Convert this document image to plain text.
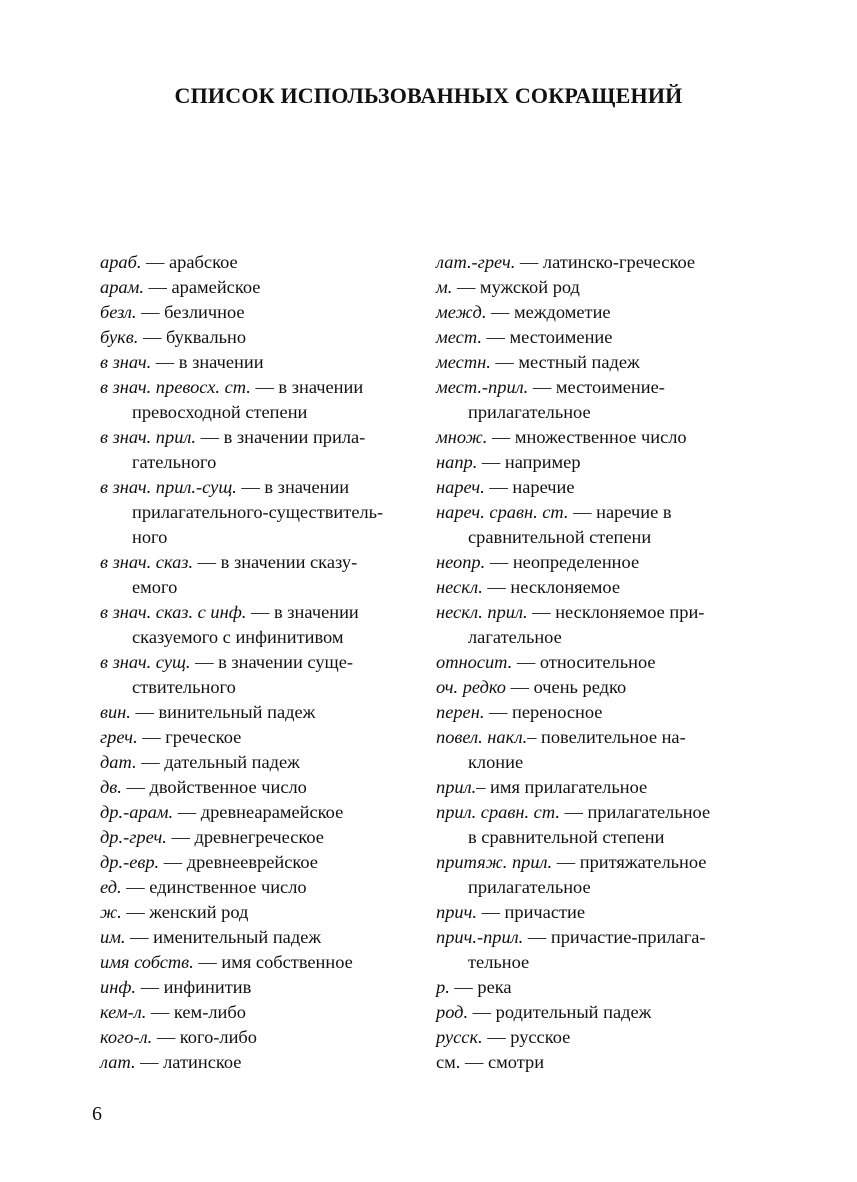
СПИСОК ИСПОЛЬЗОВАННЫХ СОКРАЩЕНИЙ

араб. — арабское

арам. — арамейское

безл. — безличное

букв. — буквально

в знач. — в значении

в знач. превосх. ст. — в значении
превосходной степени

в знач. прил. — в значении прила-
гательного

в знач. прил.-сущ. — в значении
прилагательного-существитель-
ного

в знач. сказ. — в значении сказу-
емого

в знач. сказ. с инф. — в значении
сказуемого с инфинитивом

в знач. сущ. — в значении суще-
ствительного

вин. — винительный падеж

греч. — греческое

дат. — дательный падеж

дв. — двойственное число

др.-арам. — древнеарамейское

др.-греч. — древнегреческое

др.-евр. — древнееврейское

ед. — единственное число

ж. — женский род

им. — именительный падеж

имя собств. — имя собственное

инф. — инфинитив

кем-л. — кем-либо

кого-л. — кого-либо

лат. — латинское

лат.-греч. — латинско-греческое

м. — мужской род

межд. — междометие

мест. — местоимение

местн. — местный падеж

мест.-прил. — местоимение-
прилагательное

множ. — множественное число

напр. — например

нареч. — наречие

нареч. сравн. ст. — наречие в
сравнительной степени

неопр. — неопределенное

нескл. — несклоняемое

нескл. прил. — несклоняемое при-
лагательное

относит. — относительное

оч. редко — очень редко

перен. — переносное

повел. накл.– повелительное на-
клоние

прил.– имя прилагательное

прил. сравн. ст. — прилагательное
в сравнительной степени

притяж. прил. — притяжательное
прилагательное

прич. — причастие

прич.-прил. — причастие-прилага-
тельное

р. — река

род. — родительный падеж

русск. — русское

см. — смотри

6
